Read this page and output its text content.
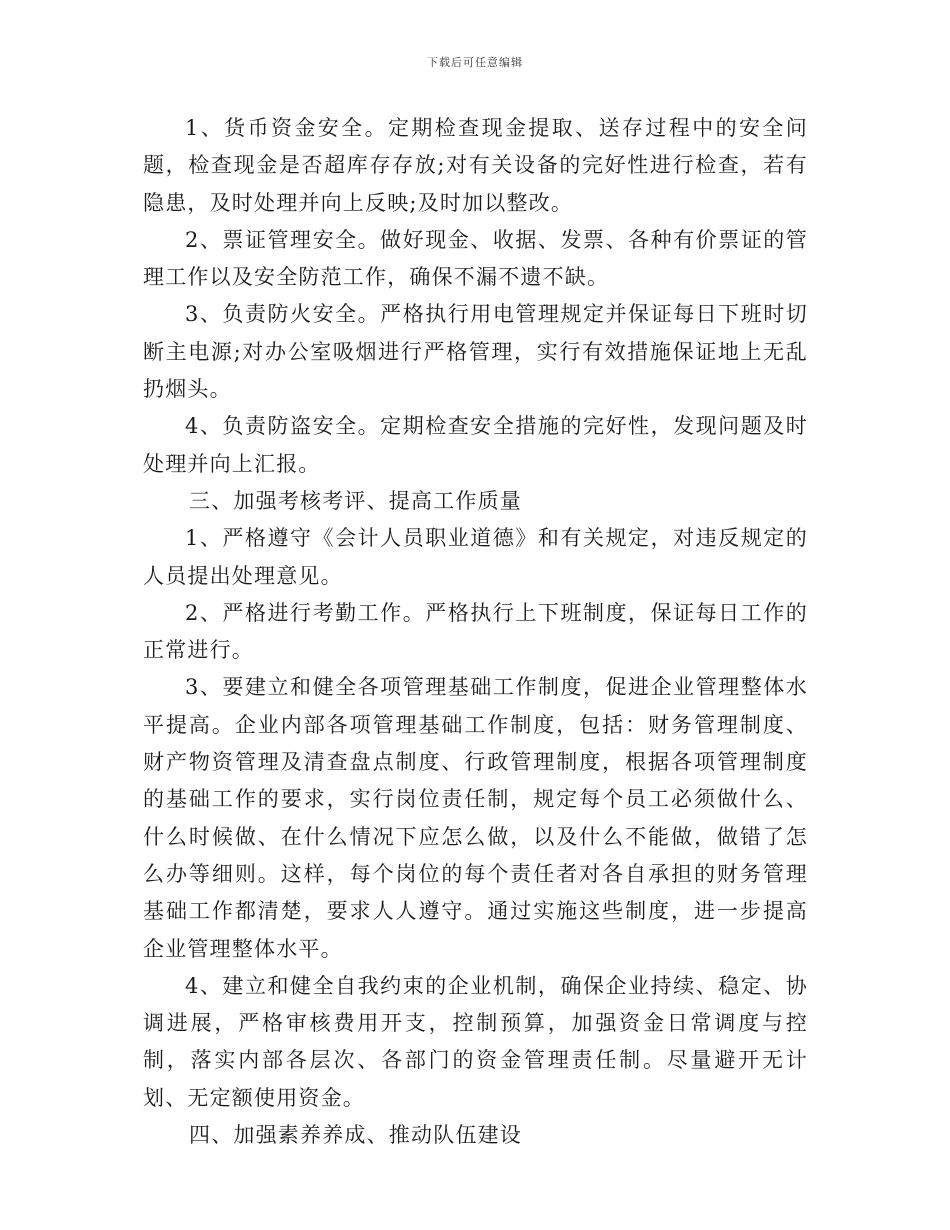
下载后可任意编辑

1、货币资金安全。定期检查现金提取、送存过程中的安全问题，检查现金是否超库存存放;对有关设备的完好性进行检查，若有隐患，及时处理并向上反映;及时加以整改。

2、票证管理安全。做好现金、收据、发票、各种有价票证的管理工作以及安全防范工作，确保不漏不遗不缺。

3、负责防火安全。严格执行用电管理规定并保证每日下班时切断主电源;对办公室吸烟进行严格管理，实行有效措施保证地上无乱扔烟头。

4、负责防盗安全。定期检查安全措施的完好性，发现问题及时处理并向上汇报。

三、加强考核考评、提高工作质量

1、严格遵守《会计人员职业道德》和有关规定，对违反规定的人员提出处理意见。

2、严格进行考勤工作。严格执行上下班制度，保证每日工作的正常进行。

3、要建立和健全各项管理基础工作制度，促进企业管理整体水平提高。企业内部各项管理基础工作制度，包括：财务管理制度、财产物资管理及清查盘点制度、行政管理制度，根据各项管理制度的基础工作的要求，实行岗位责任制，规定每个员工必须做什么、什么时候做、在什么情况下应怎么做，以及什么不能做，做错了怎么办等细则。这样，每个岗位的每个责任者对各自承担的财务管理基础工作都清楚，要求人人遵守。通过实施这些制度，进一步提高企业管理整体水平。

4、建立和健全自我约束的企业机制，确保企业持续、稳定、协调进展，严格审核费用开支，控制预算，加强资金日常调度与控制，落实内部各层次、各部门的资金管理责任制。尽量避开无计划、无定额使用资金。

四、加强素养养成、推动队伍建设
